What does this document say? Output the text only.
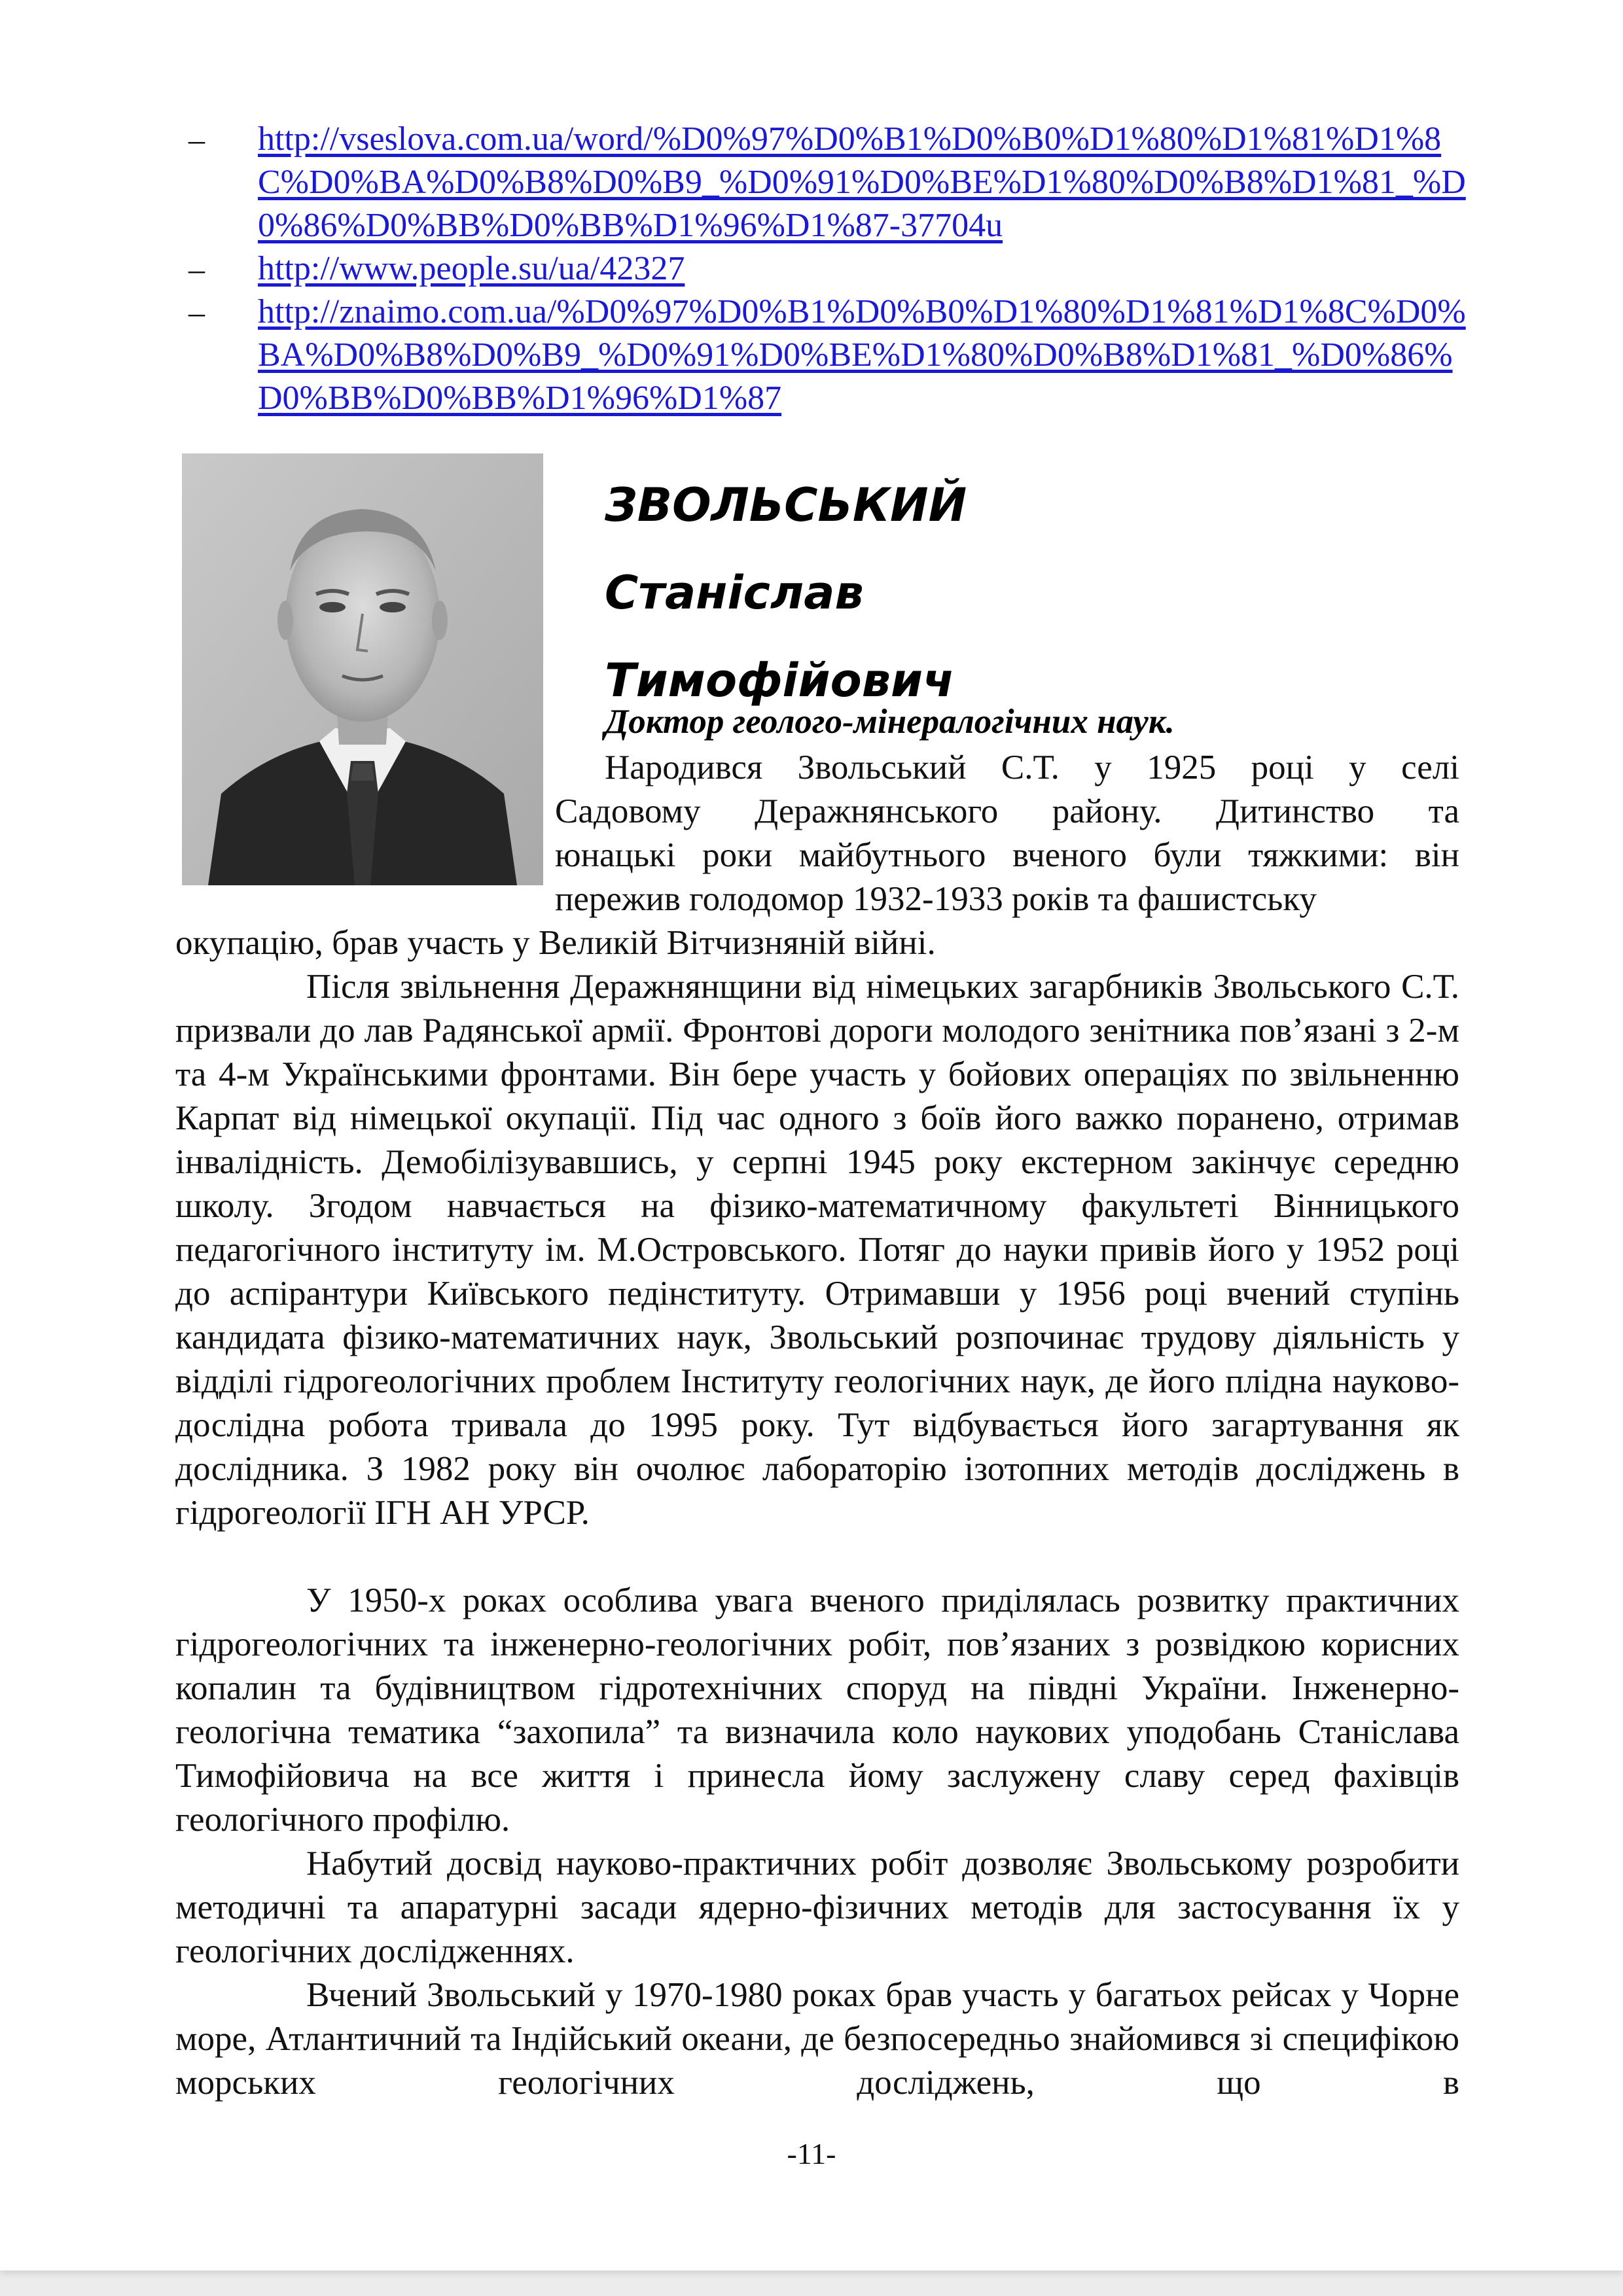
– http://vseslova.com.ua/word/%D0%97%D0%B1%D0%B0%D1%80%D1%81%D1%8C%D0%BA%D0%B8%D0%B9_%D0%91%D0%BE%D1%80%D0%B8%D1%81_%D0%86%D0%BB%D0%BB%D1%96%D1%87-37704u
– http://www.people.su/ua/42327
– http://znaimo.com.ua/%D0%97%D0%B1%D0%B0%D1%80%D1%81%D1%8C%D0%BA%D0%B8%D0%B9_%D0%91%D0%BE%D1%80%D0%B8%D1%81_%D0%86%D0%BB%D0%BB%D1%96%D1%87
ЗВОЛЬСЬКИЙ
Станіслав
Тимофійович
Доктор геолого-мінералогічних наук.

Народився Звольський С.Т. у 1925 році у селі

Садовому Деражнянського району. Дитинство та

юнацькі роки майбутнього вченого були тяжкими: він

пережив голодомор 1932-1933 років та фашистську

окупацію, брав участь у Великій Вітчизняній війні.

Після звільнення Деражнянщини від німецьких загарбників Звольського С.Т. призвали до лав Радянської армії. Фронтові дороги молодого зенітника пов’язані з 2-м та 4-м Українськими фронтами. Він бере участь у бойових операціях по звільненню Карпат від німецької окупації. Під час одного з боїв його важко поранено, отримав інвалідність. Демобілізувавшись, у серпні 1945 року екстерном закінчує середню школу. Згодом навчається на фізико-математичному факультеті Вінницького педагогічного інституту ім. М.Островського. Потяг до науки привів його у 1952 році до аспірантури Київського педінституту. Отримавши у 1956 році вчений ступінь кандидата фізико-математичних наук, Звольський розпочинає трудову діяльність у відділі гідрогеологічних проблем Інституту геологічних наук, де його плідна науково-дослідна робота тривала до 1995 року. Тут відбувається його загартування як дослідника. З 1982 року він очолює лабораторію ізотопних методів досліджень в гідрогеології ІГН АН УРСР.

У 1950-х роках особлива увага вченого приділялась розвитку практичних гідрогеологічних та інженерно-геологічних робіт, пов’язаних з розвідкою корисних копалин та будівництвом гідротехнічних споруд на півдні України. Інженерно-геологічна тематика “захопила” та визначила коло наукових уподобань Станіслава Тимофійовича на все життя і принесла йому заслужену славу серед фахівців геологічного профілю.

Набутий досвід науково-практичних робіт дозволяє Звольському розробити методичні та апаратурні засади ядерно-фізичних методів для застосування їх у геологічних дослідженнях.

Вчений Звольський у 1970-1980 роках брав участь у багатьох рейсах у Чорне море, Атлантичний та Індійський океани, де безпосередньо знайомився зі специфікою морських геологічних досліджень, що в

-11-
